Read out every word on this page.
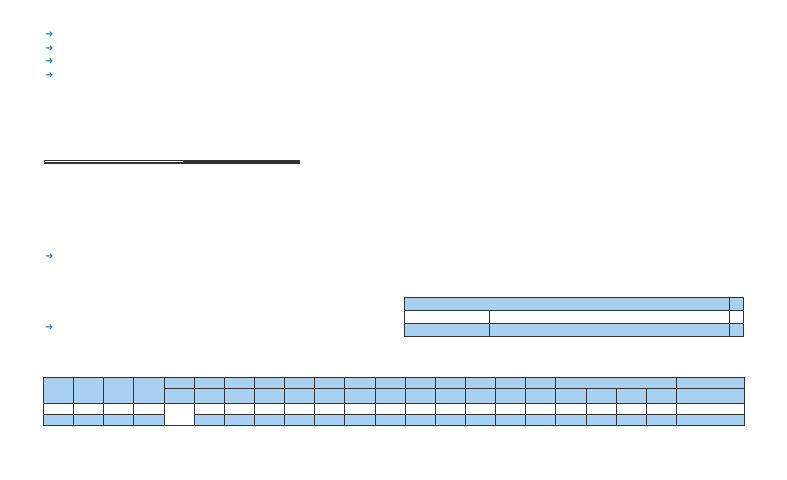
➜
➜
➜
➜

➜
➜
